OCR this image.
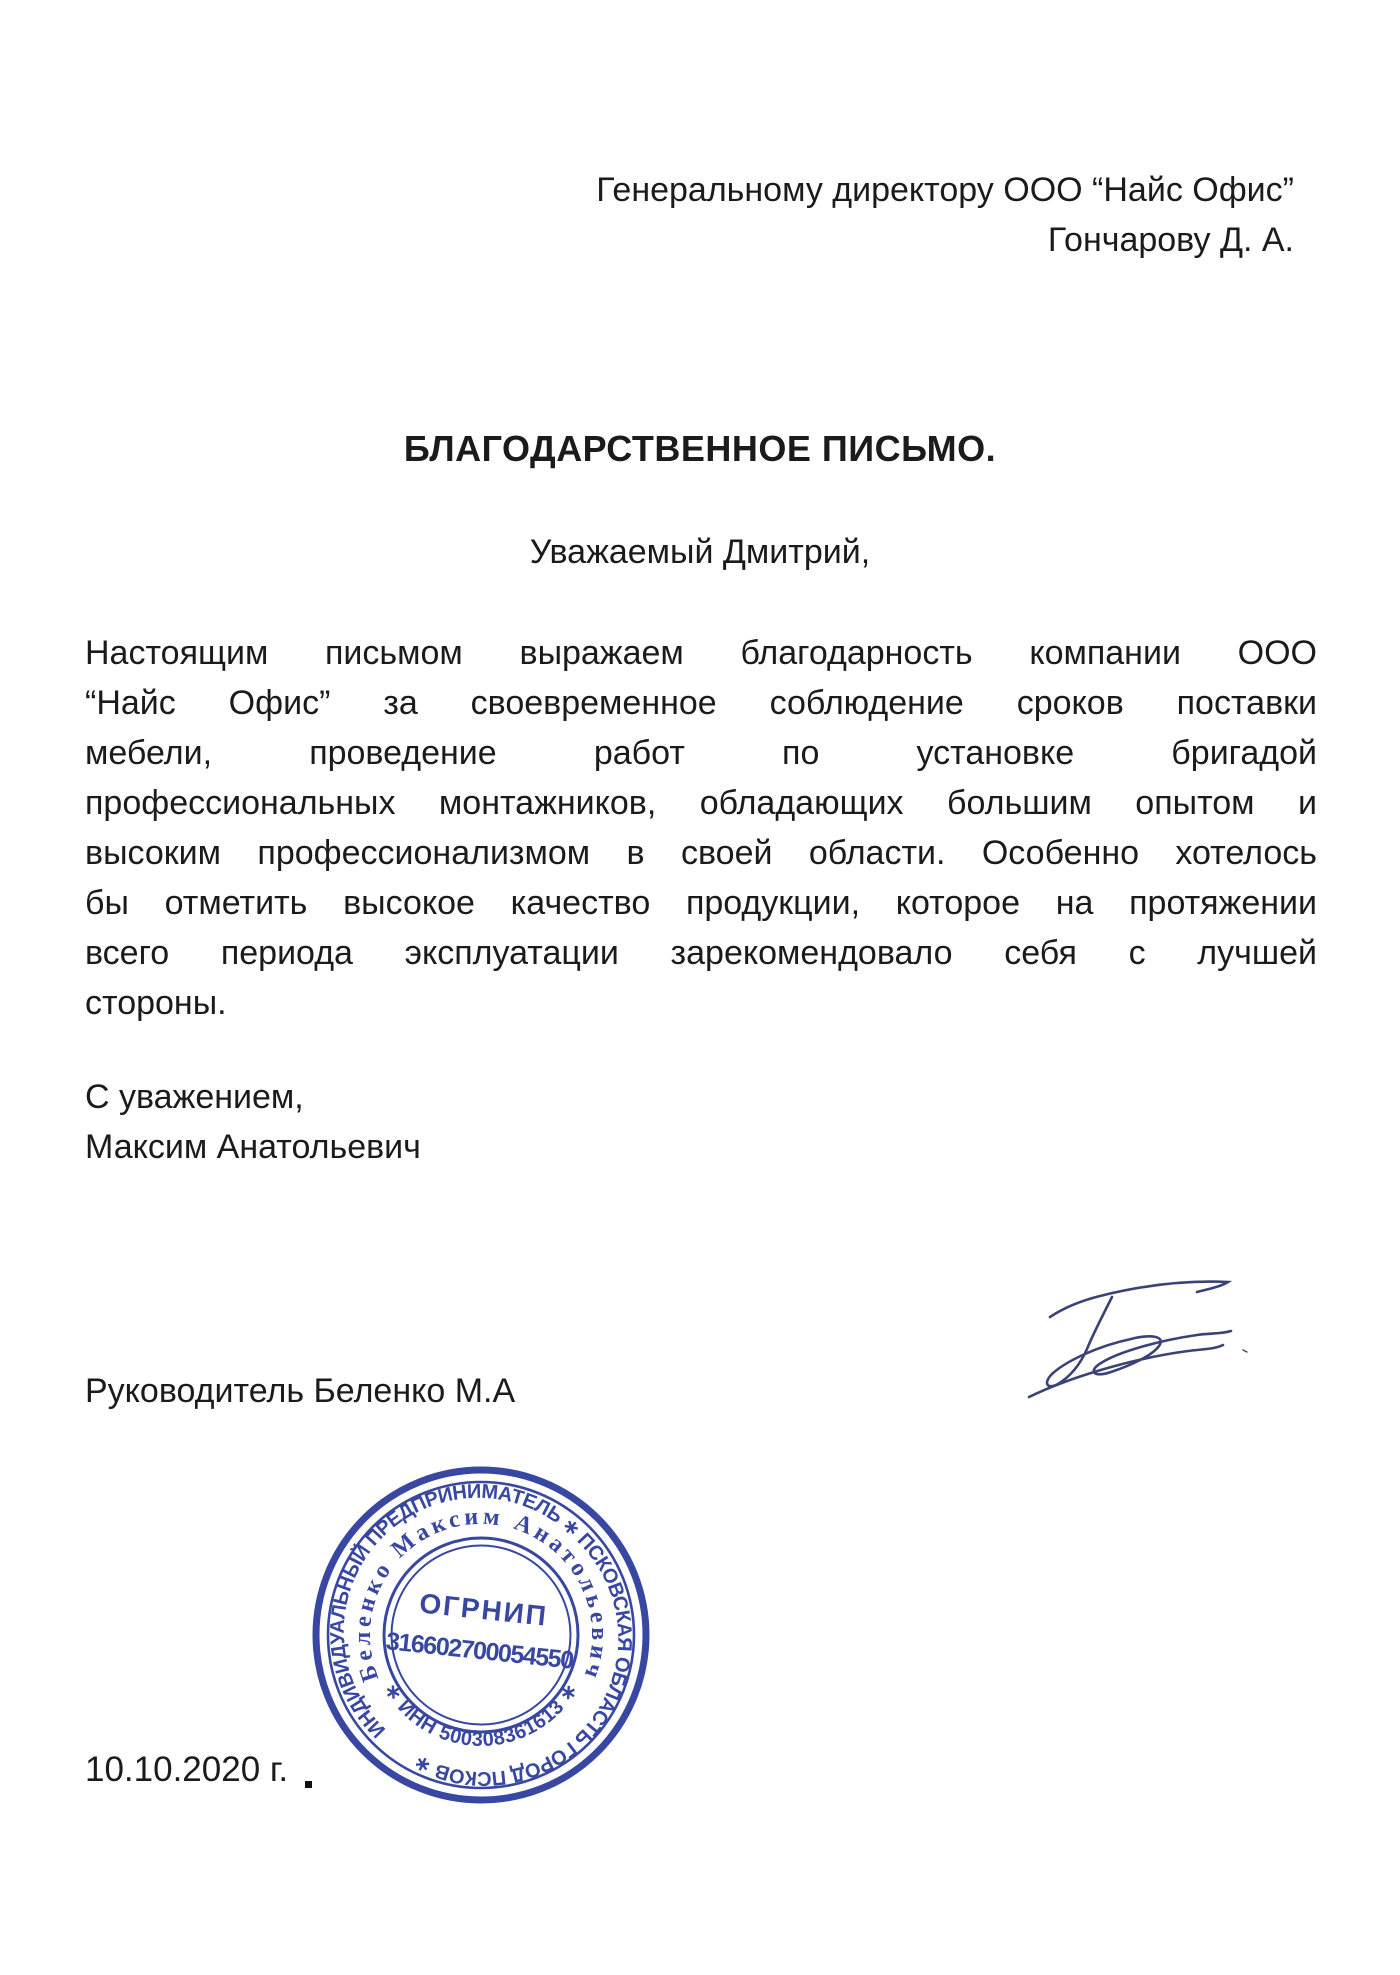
Генеральному директору ООО “Найс Офис”
Гончарову Д. А.
БЛАГОДАРСТВЕННОЕ ПИСЬМО.
Уважаемый Дмитрий,
Настоящим письмом выражаем благодарность компании ООО
“Найс Офис” за своевременное соблюдение сроков поставки
мебели, проведение работ по установке бригадой
профессиональных монтажников, обладающих большим опытом и
высоким профессионализмом в своей области. Особенно хотелось
бы отметить высокое качество продукции, которое на протяжении
всего периода эксплуатации зарекомендовало себя с лучшей
стороны.
С уважением,
Максим Анатольевич
Руководитель Беленко М.А
ИНДИВИДУАЛЬНЫЙ ПРЕДПРИНИМАТЕЛЬ ∗ ПСКОВСКАЯ ОБЛАСТЬ ГОРОД ПСКОВ ∗
Беленко Максим Анатольевич
∗ ИНН 500308361613 ∗
ОГРНИП
316602700054550
10.10.2020 г.
